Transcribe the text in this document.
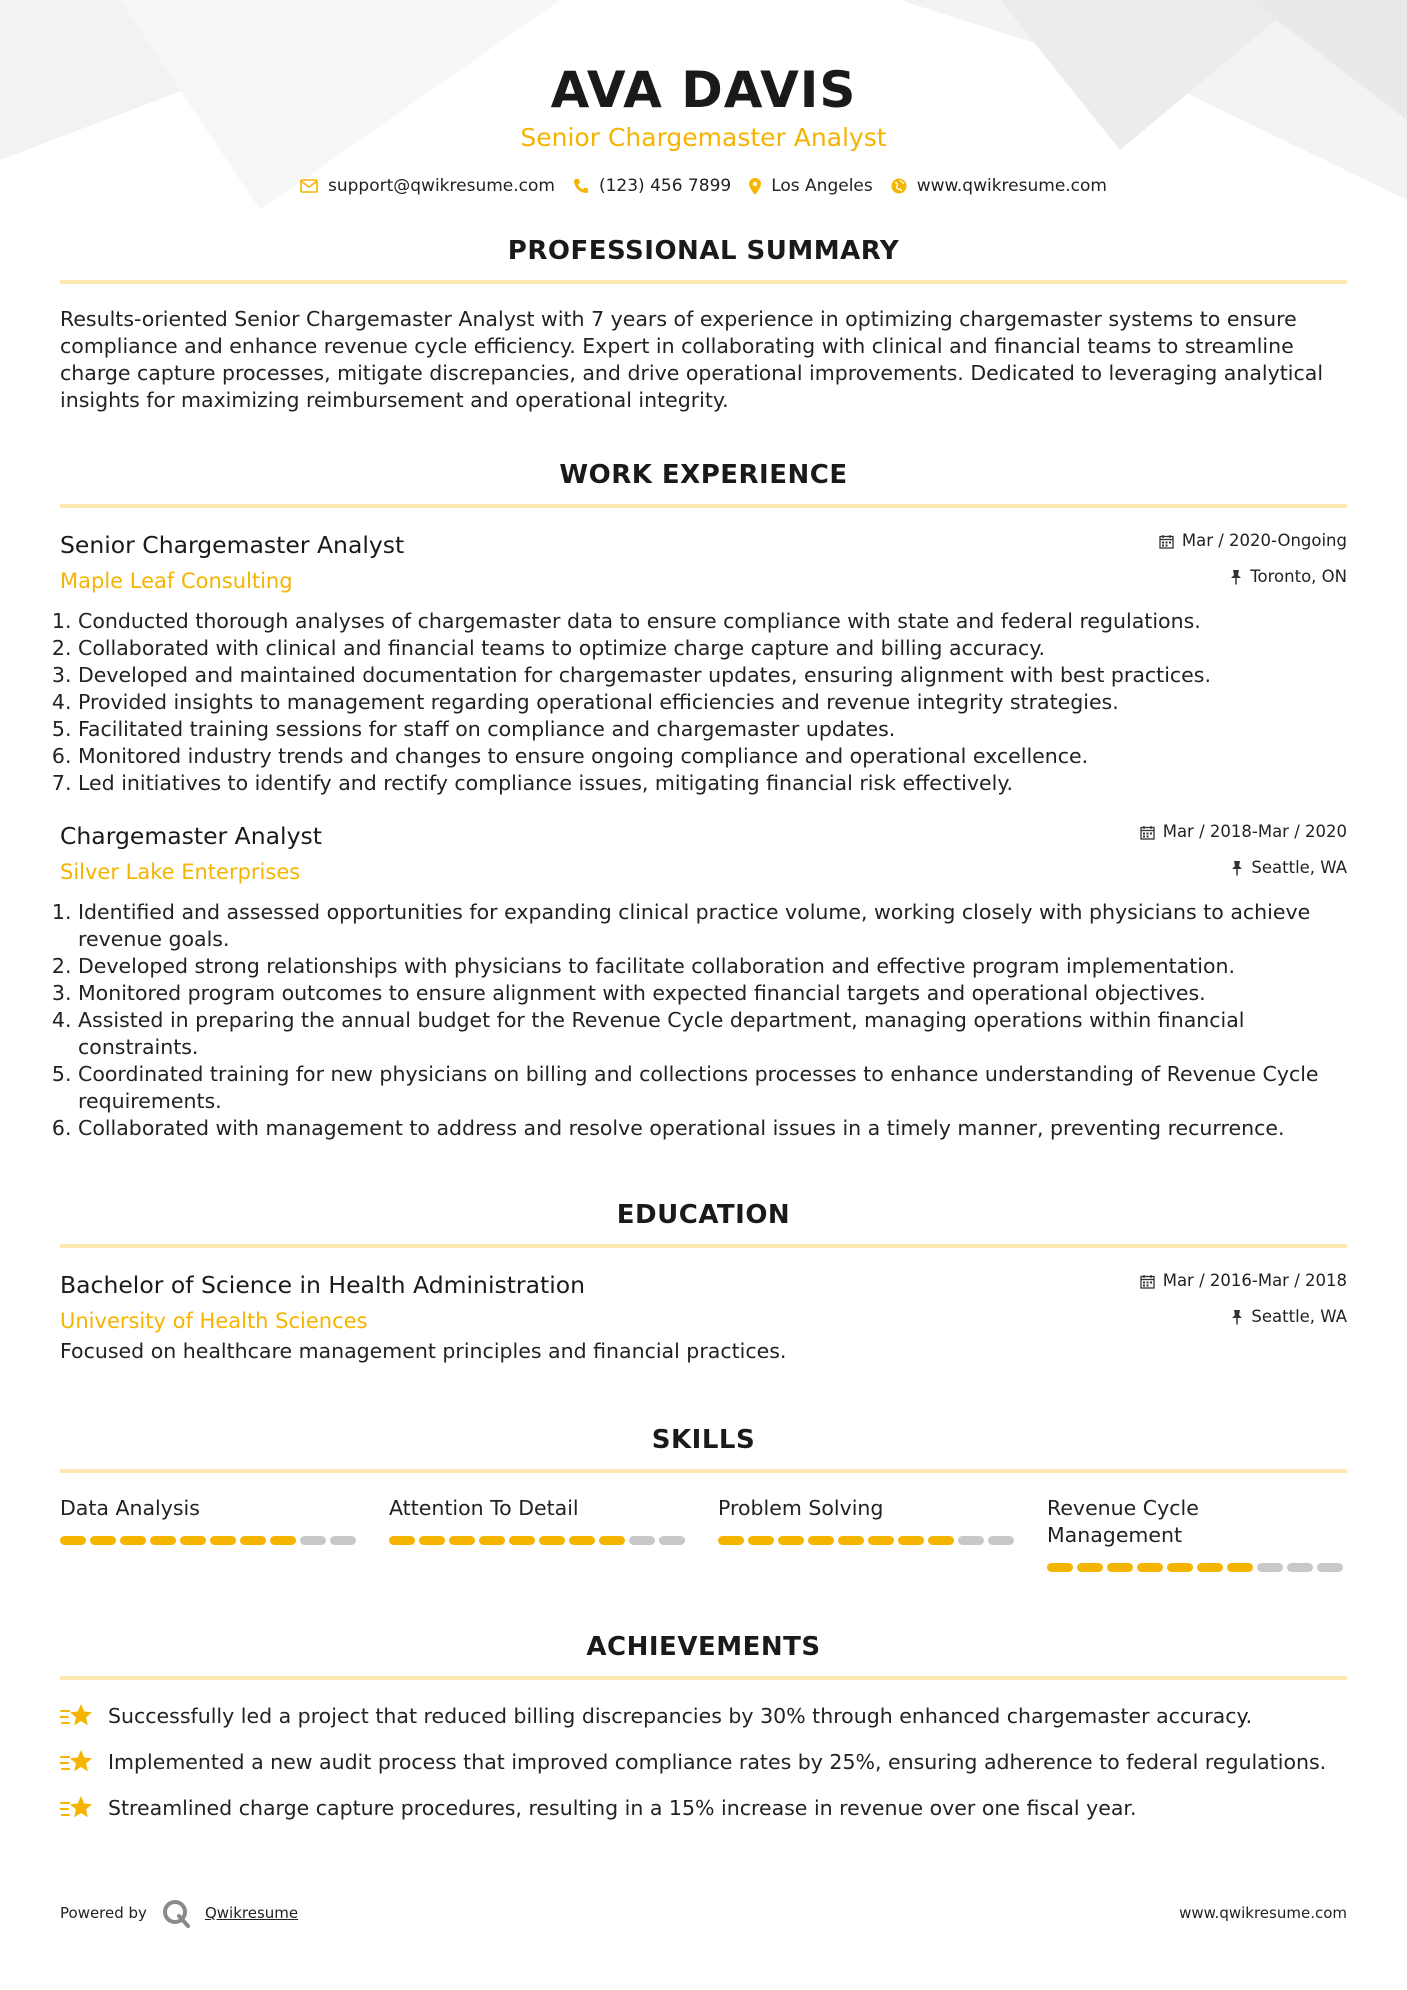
AVA DAVIS
Senior Chargemaster Analyst
support@qwikresume.com	(123) 456 7899 Los Angeles	www.qwikresume.com
PROFESSIONAL SUMMARY
Results-oriented Senior Chargemaster Analyst with 7 years of experience in optimizing chargemaster systems to ensure compliance and enhance revenue cycle efficiency. Expert in collaborating with clinical and financial teams to streamline charge capture processes, mitigate discrepancies, and drive operational improvements. Dedicated to leveraging analytical insights for maximizing reimbursement and operational integrity.
WORK EXPERIENCE
Senior Chargemaster Analyst
Maple Leaf Consulting
Mar / 2020-Ongoing
Toronto, ON
1. Conducted thorough analyses of chargemaster data to ensure compliance with state and federal regulations.
2. Collaborated with clinical and financial teams to optimize charge capture and billing accuracy.
3. Developed and maintained documentation for chargemaster updates, ensuring alignment with best practices.
4. Provided insights to management regarding operational efficiencies and revenue integrity strategies.
5. Facilitated training sessions for staff on compliance and chargemaster updates.
6. Monitored industry trends and changes to ensure ongoing compliance and operational excellence.
7. Led initiatives to identify and rectify compliance issues, mitigating financial risk effectively.
Chargemaster Analyst
Silver Lake Enterprises
Mar / 2018-Mar / 2020
Seattle, WA
1. Identified and assessed opportunities for expanding clinical practice volume, working closely with physicians to achieve revenue goals.
2. Developed strong relationships with physicians to facilitate collaboration and effective program implementation.
3. Monitored program outcomes to ensure alignment with expected financial targets and operational objectives.
4. Assisted in preparing the annual budget for the Revenue Cycle department, managing operations within financial constraints.
5. Coordinated training for new physicians on billing and collections processes to enhance understanding of Revenue Cycle requirements.
6. Collaborated with management to address and resolve operational issues in a timely manner, preventing recurrence.
EDUCATION
Bachelor of Science in Health Administration
University of Health Sciences
Mar / 2016-Mar / 2018
Seattle, WA
Focused on healthcare management principles and financial practices.
SKILLS
Data Analysis	Attention To Detail	Problem Solving	Revenue Cycle Management
ACHIEVEMENTS
Successfully led a project that reduced billing discrepancies by 30% through enhanced chargemaster accuracy.
Implemented a new audit process that improved compliance rates by 25%, ensuring adherence to federal regulations.
Streamlined charge capture procedures, resulting in a 15% increase in revenue over one fiscal year.
Powered by	Qwikresume	www.qwikresume.com
